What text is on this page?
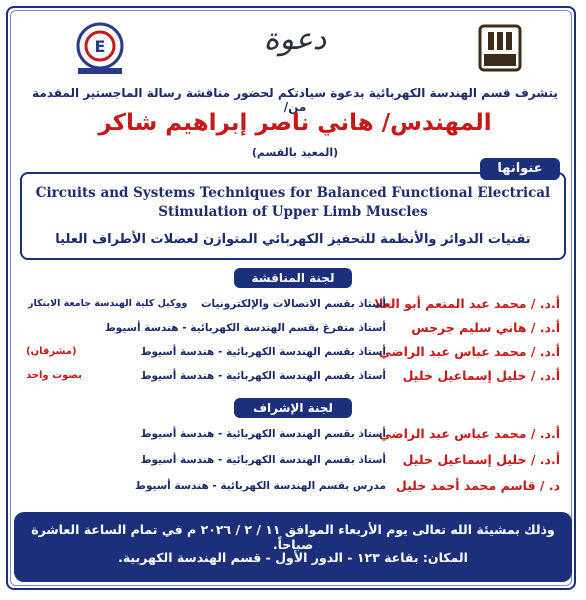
E	دعوة
يتشرف قسم الهندسة الكهربائية بدعوة سيادتكم لحضور مناقشة رسالة الماجستير المقدمة من/
المهندس/ هاني ناصر إبراهيم شاكر
(المعيد بالقسم)
عنوانها
Circuits and Systems Techniques for Balanced Functional Electrical Stimulation of Upper Limb Muscles
تقنيات الدوائر والأنظمة للتحفيز الكهربائي المتوازن لعضلات الأطراف العليا
لجنة المناقشة
أ.د. / محمد عبد المنعم أبو العلا
أستاذ بقسم الاتصالات والإلكترونيات
ووكيل كلية الهندسة جامعة الابتكار
أ.د. / هاني سليم جرجس
أستاذ متفرغ بقسم الهندسة الكهربائية - هندسة أسيوط
أ.د. / محمد عباس عبد الراضي
أستاذ بقسم الهندسة الكهربائية - هندسة أسيوط
(مشرفان)
أ.د. / خليل إسماعيل خليل
أستاذ بقسم الهندسة الكهربائية - هندسة أسيوط
بصوت واحد
لجنة الإشراف
أ.د. / محمد عباس عبد الراضي
أستاذ بقسم الهندسة الكهربائية - هندسة أسيوط
أ.د. / خليل إسماعيل خليل
أستاذ بقسم الهندسة الكهربائية - هندسة أسيوط
د. / قاسم محمد أحمد خليل
مدرس بقسم الهندسة الكهربائية - هندسة أسيوط
وذلك بمشيئة الله تعالى يوم الأربعاء الموافق ١١ / ٢ / ٢٠٢٦ م في تمام الساعة العاشرة صباحاً.
المكان: بقاعة ١٢٣ - الدور الأول - قسم الهندسة الكهربية.
